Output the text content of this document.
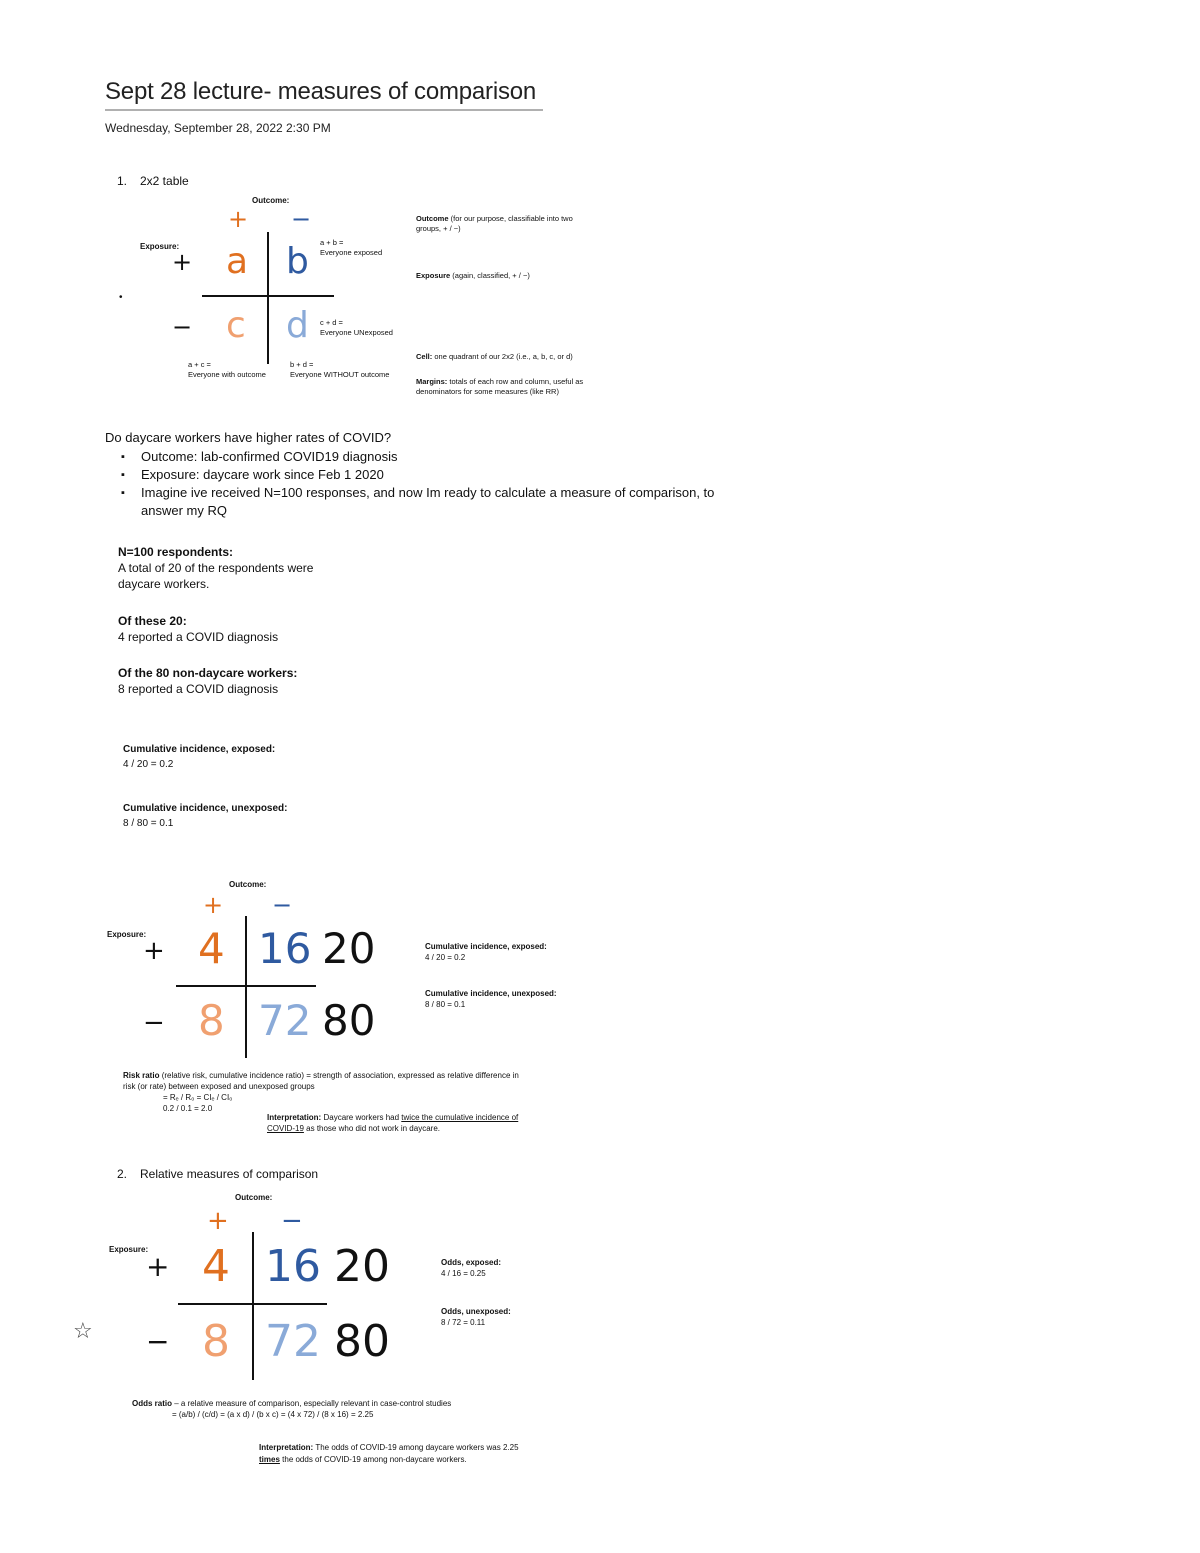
Sept 28 lecture- measures of comparison
Wednesday, September 28, 2022 2:30 PM
1. 2x2 table
Outcome:
+ −
Exposure:
+
−
•
a b
c d
a + b =
Everyone exposed
c + d =
Everyone UNexposed
a + c =
Everyone with outcome
b + d =
Everyone WITHOUT outcome
Outcome (for our purpose, classifiable into two
groups, + / −)
Exposure (again, classified, + / −)
Cell: one quadrant of our 2x2 (i.e., a, b, c, or d)
Margins: totals of each row and column, useful as
denominators for some measures (like RR)
Do daycare workers have higher rates of COVID?
▪ Outcome: lab-confirmed COVID19 diagnosis
▪ Exposure: daycare work since Feb 1 2020
▪ Imagine ive received N=100 responses, and now Im ready to calculate a measure of comparison, to answer my RQ
N=100 respondents:
A total of 20 of the respondents were
daycare workers.
Of these 20:
4 reported a COVID diagnosis
Of the 80 non-daycare workers:
8 reported a COVID diagnosis
Cumulative incidence, exposed:
4 / 20 = 0.2
Cumulative incidence, unexposed:
8 / 80 = 0.1
Outcome:
+ −
Exposure:
+
−
4 16 20
8 72 80
Cumulative incidence, exposed:
4 / 20 = 0.2
Cumulative incidence, unexposed:
8 / 80 = 0.1
Risk ratio (relative risk, cumulative incidence ratio) = strength of association, expressed as relative difference in
risk (or rate) between exposed and unexposed groups
= Rₑ / R₀ = CIₑ / CI₀
0.2 / 0.1 = 2.0
Interpretation: Daycare workers had twice the cumulative incidence of
COVID-19 as those who did not work in daycare.
2. Relative measures of comparison
Outcome:
+ −
Exposure:
+
−
4 16 20
8 72 80
Odds, exposed:
4 / 16 = 0.25
Odds, unexposed:
8 / 72 = 0.11
☆
Odds ratio – a relative measure of comparison, especially relevant in case-control studies
= (a/b) / (c/d) = (a x d) / (b x c) = (4 x 72) / (8 x 16) = 2.25
Interpretation: The odds of COVID-19 among daycare workers was 2.25
times the odds of COVID-19 among non-daycare workers.
